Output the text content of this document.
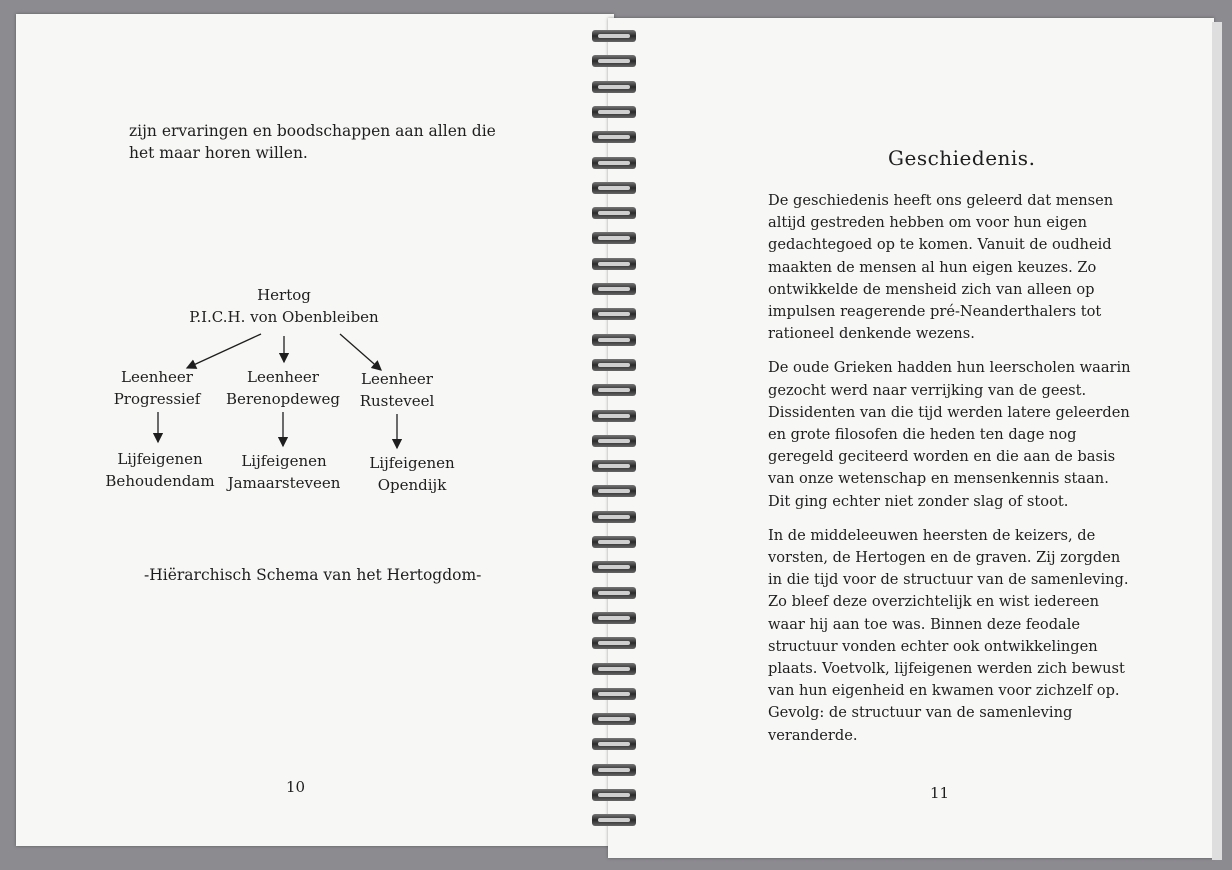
zijn ervaringen en boodschappen aan allen die het maar horen willen.
Hertog
P.I.C.H. von Obenbleiben
Leenheer
Progressief
Leenheer
Berenopdeweg
Leenheer
Rusteveel
Lijfeigenen
Behoudendam
Lijfeigenen
Jamaarsteveen
Lijfeigenen
Opendijk
-Hiërarchisch Schema van het Hertogdom-
10
Geschiedenis.

De geschiedenis heeft ons geleerd dat mensen altijd gestreden hebben om voor hun eigen gedachtegoed op te komen. Vanuit de oudheid maakten de mensen al hun eigen keuzes. Zo ontwikkelde de mensheid zich van alleen op impulsen reagerende pré-Neanderthalers tot rationeel denkende wezens.

De oude Grieken hadden hun leerscholen waarin gezocht werd naar verrijking van de geest. Dissidenten van die tijd werden latere geleerden en grote filosofen die heden ten dage nog geregeld geciteerd worden en die aan de basis van onze wetenschap en mensenkennis staan. Dit ging echter niet zonder slag of stoot.

In de middeleeuwen heersten de keizers, de vorsten, de Hertogen en de graven. Zij zorgden in die tijd voor de structuur van de samenleving. Zo bleef deze overzichtelijk en wist iedereen waar hij aan toe was. Binnen deze feodale structuur vonden echter ook ontwikkelingen plaats. Voetvolk, lijfeigenen werden zich bewust van hun eigenheid en kwamen voor zichzelf op. Gevolg: de structuur van de samenleving veranderde.

11
